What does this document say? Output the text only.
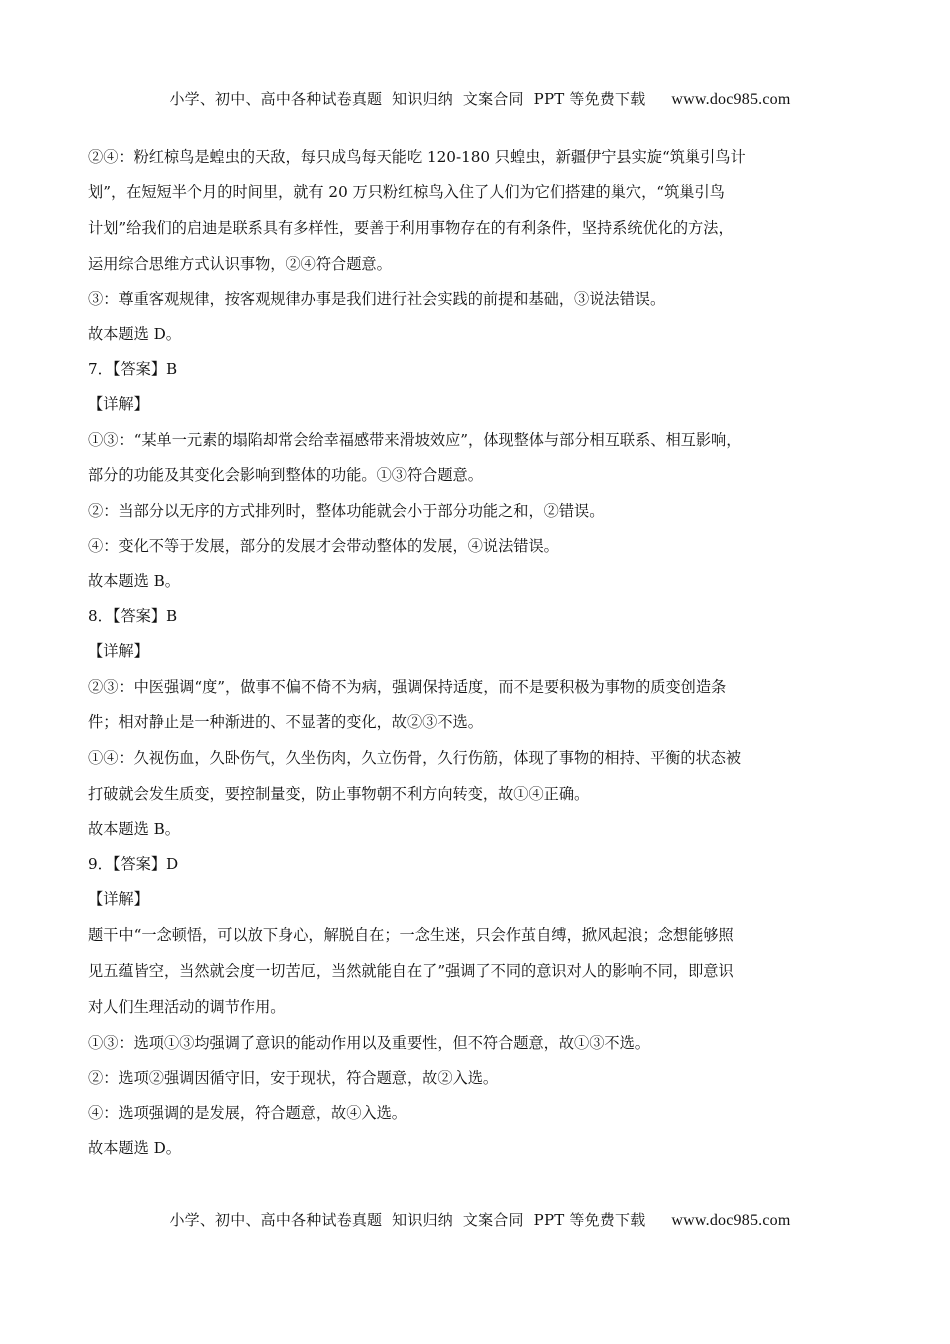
小学、初中、高中各种试卷真题  知识归纳  文案合同  PPT 等免费下载 www.doc985.com

②④：粉红椋鸟是蝗虫的天敌，每只成鸟每天能吃 120-180 只蝗虫，新疆伊宁县实旋“筑巢引鸟计
划”，在短短半个月的时间里，就有 20 万只粉红椋鸟入住了人们为它们搭建的巢穴，“筑巢引鸟
计划”给我们的启迪是联系具有多样性，要善于利用事物存在的有利条件，坚持系统优化的方法，
运用综合思维方式认识事物，②④符合题意。
③：尊重客观规律，按客观规律办事是我们进行社会实践的前提和基础，③说法错误。
故本题选 D。
7．【答案】B
【详解】
①③：“某单一元素的塌陷却常会给幸福感带来滑坡效应”，体现整体与部分相互联系、相互影响，
部分的功能及其变化会影响到整体的功能。①③符合题意。
②：当部分以无序的方式排列时，整体功能就会小于部分功能之和，②错误。
④：变化不等于发展，部分的发展才会带动整体的发展，④说法错误。
故本题选 B。
8．【答案】B
【详解】
②③：中医强调“度”，做事不偏不倚不为病，强调保持适度，而不是要积极为事物的质变创造条
件；相对静止是一种渐进的、不显著的变化，故②③不选。
①④：久视伤血，久卧伤气，久坐伤肉，久立伤骨，久行伤筋，体现了事物的相持、平衡的状态被
打破就会发生质变，要控制量变，防止事物朝不利方向转变，故①④正确。
故本题选 B。
9．【答案】D
【详解】
题干中“一念顿悟，可以放下身心，解脱自在；一念生迷，只会作茧自缚，掀风起浪；念想能够照
见五蕴皆空，当然就会度一切苦厄，当然就能自在了”强调了不同的意识对人的影响不同，即意识
对人们生理活动的调节作用。
①③：选项①③均强调了意识的能动作用以及重要性，但不符合题意，故①③不选。
②：选项②强调因循守旧，安于现状，符合题意，故②入选。
④：选项强调的是发展，符合题意，故④入选。
故本题选 D。

小学、初中、高中各种试卷真题  知识归纳  文案合同  PPT 等免费下载 www.doc985.com
